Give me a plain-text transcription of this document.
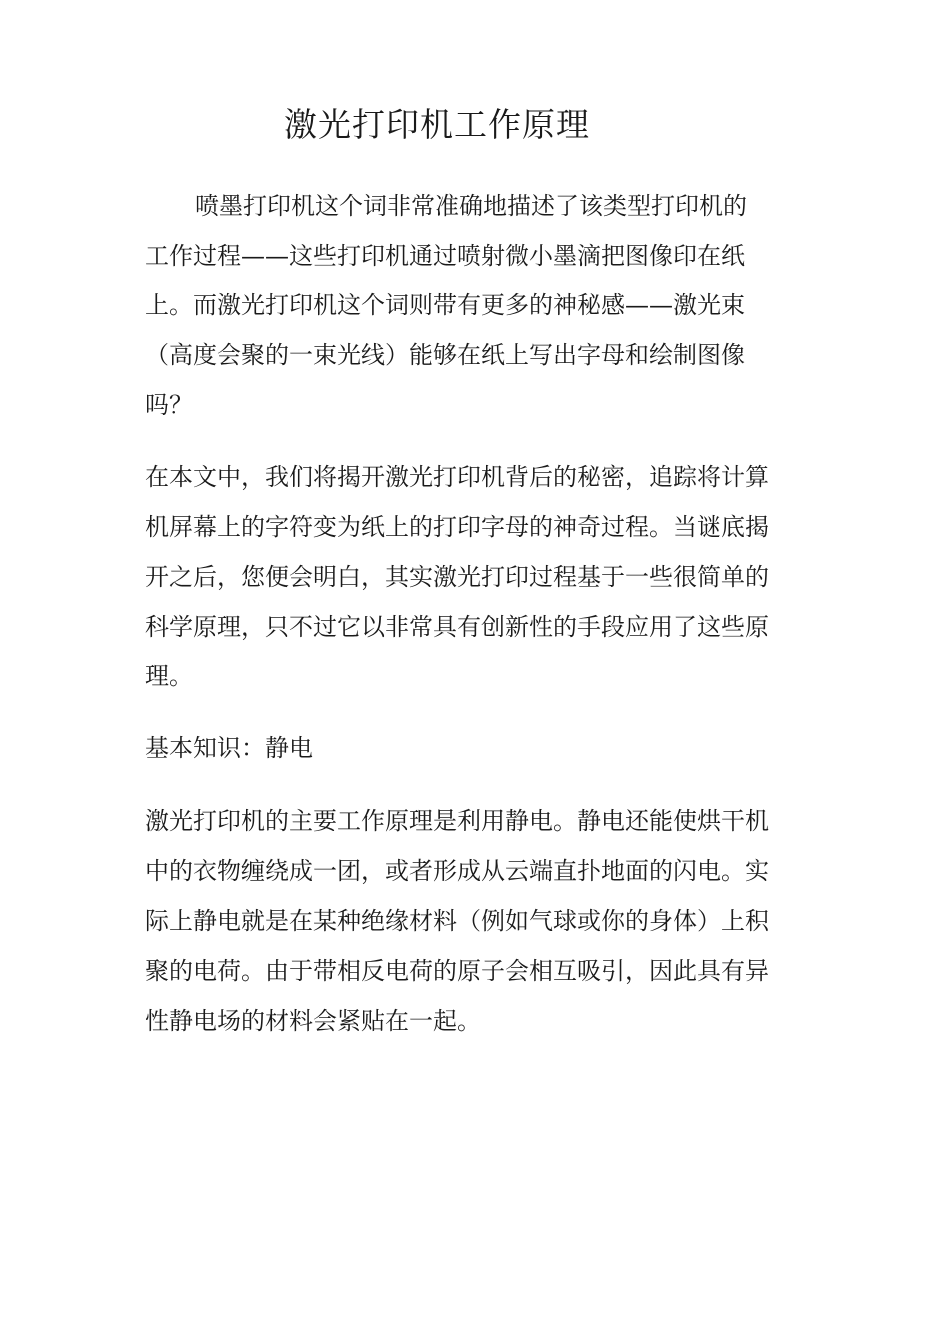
激光打印机工作原理

喷墨打印机这个词非常准确地描述了该类型打印机的

工作过程——这些打印机通过喷射微小墨滴把图像印在纸

上。而激光打印机这个词则带有更多的神秘感——激光束

（高度会聚的一束光线）能够在纸上写出字母和绘制图像

吗？

在本文中，我们将揭开激光打印机背后的秘密，追踪将计算

机屏幕上的字符变为纸上的打印字母的神奇过程。当谜底揭

开之后，您便会明白，其实激光打印过程基于一些很简单的

科学原理，只不过它以非常具有创新性的手段应用了这些原

理。

基本知识：静电

激光打印机的主要工作原理是利用静电。静电还能使烘干机

中的衣物缠绕成一团，或者形成从云端直扑地面的闪电。实

际上静电就是在某种绝缘材料（例如气球或你的身体）上积

聚的电荷。由于带相反电荷的原子会相互吸引，因此具有异

性静电场的材料会紧贴在一起。
